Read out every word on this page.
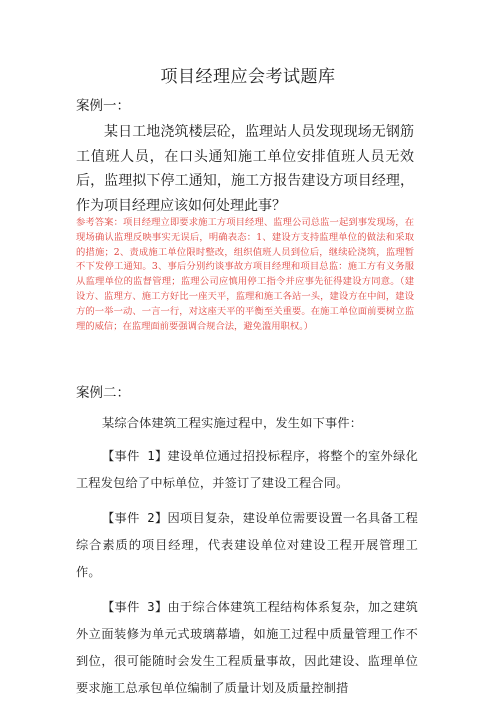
项目经理应会考试题库
案例一：

某日工地浇筑楼层砼，监理站人员发现现场无钢筋工值班人员，在口头通知施工单位安排值班人员无效后，监理拟下停工通知，施工方报告建设方项目经理，作为项目经理应该如何处理此事？

参考答案：项目经理立即要求施工方项目经理、监理公司总监一起到事发现场，在现场确认监理反映事实无误后，明确表态：1、建设方支持监理单位的做法和采取的措施；2、责成施工单位限时整改，组织值班人员到位后，继续砼浇筑，监理暂不下发停工通知。3、事后分别约谈事故方项目经理和项目总监：施工方有义务服从监理单位的监督管理；监理公司应慎用停工指令并应事先征得建设方同意。（建设方、监理方、施工方好比一座天平，监理和施工各站一头，建设方在中间，建设方的一举一动、一言一行，对这座天平的平衡至关重要。在施工单位面前要树立监理的威信；在监理面前要强调合规合法，避免滥用职权。）

案例二：

某综合体建筑工程实施过程中，发生如下事件：

【事件 1】建设单位通过招投标程序，将整个的室外绿化工程发包给了中标单位，并签订了建设工程合同。

【事件 2】因项目复杂，建设单位需要设置一名具备工程综合素质的项目经理，代表建设单位对建设工程开展管理工作。

【事件 3】由于综合体建筑工程结构体系复杂，加之建筑外立面装修为单元式玻璃幕墙，如施工过程中质量管理工作不到位，很可能随时会发生工程质量事故，因此建设、监理单位要求施工总承包单位编制了质量计划及质量控制措
